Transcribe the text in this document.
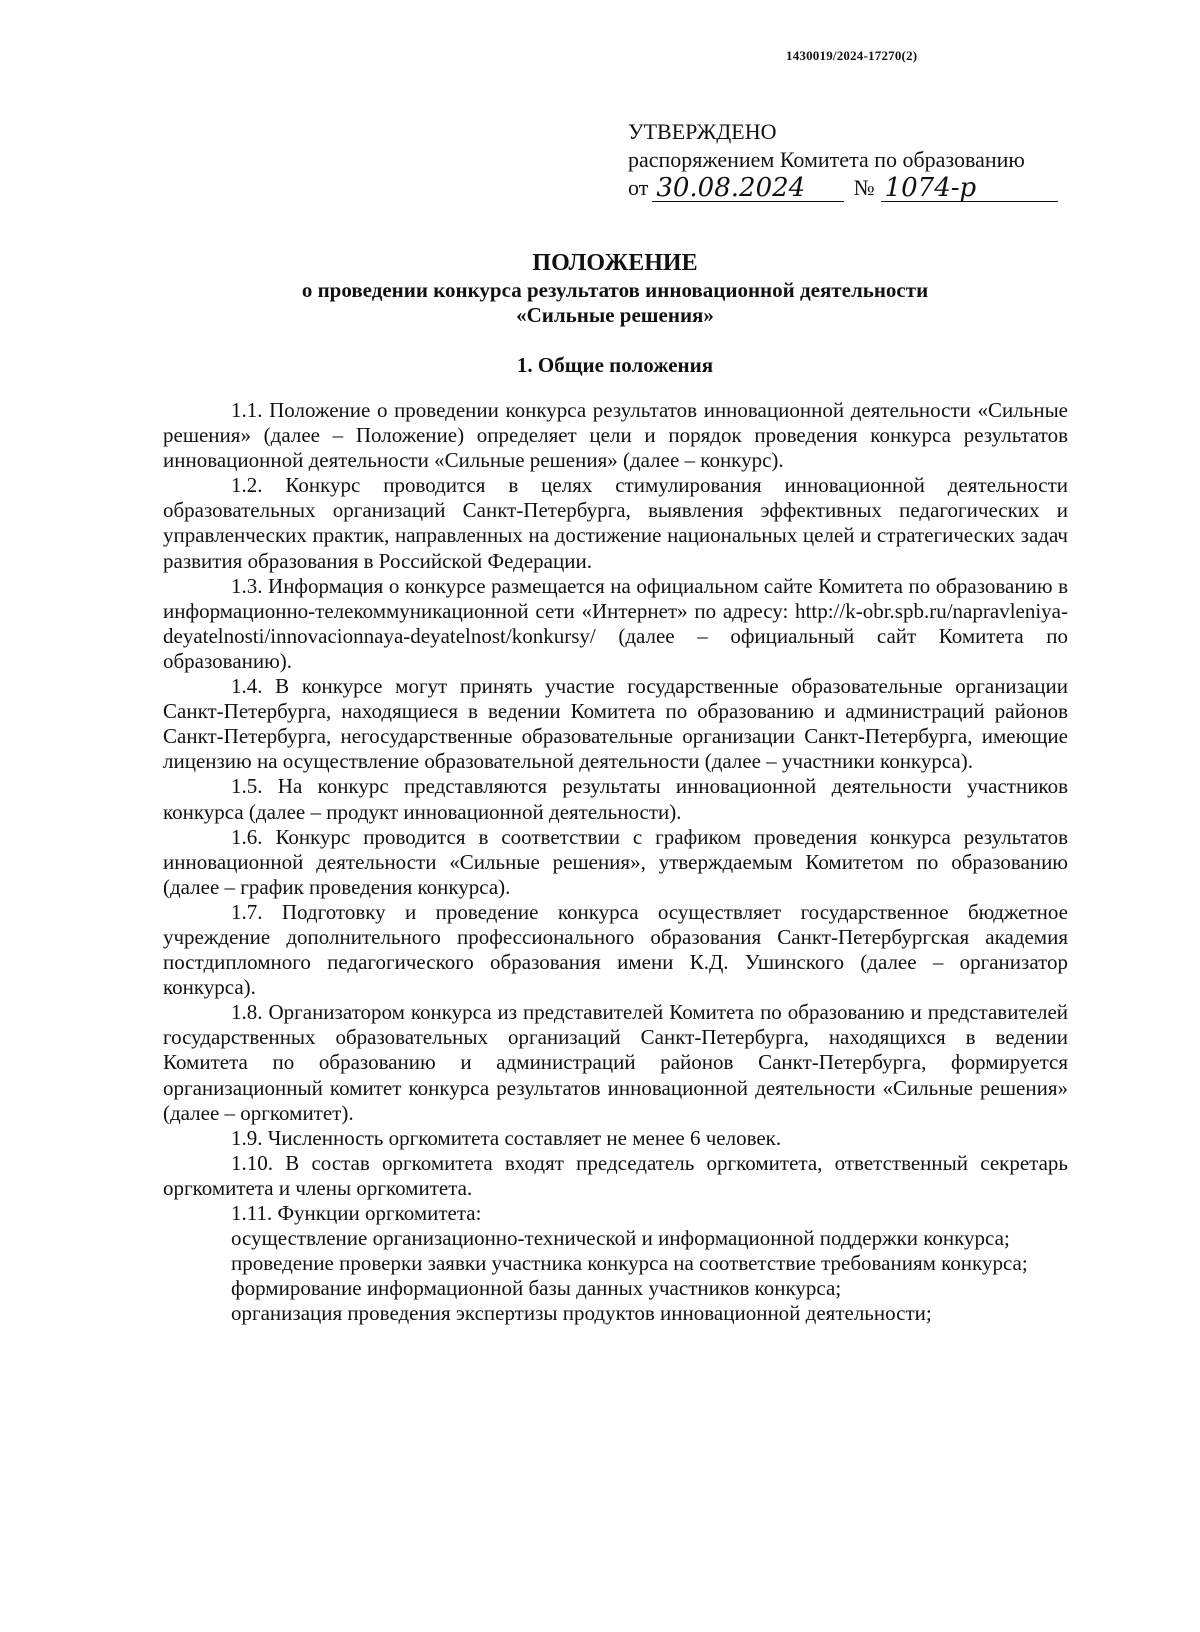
1430019/2024-17270(2)
УТВЕРЖДЕНО
распоряжением Комитета по образованию
от 30.08.2024	№ 1074-р
ПОЛОЖЕНИЕ
о проведении конкурса результатов инновационной деятельности
«Сильные решения»
1. Общие положения

1.1. Положение о проведении конкурса результатов инновационной деятельности «Сильные решения» (далее – Положение) определяет цели и порядок проведения конкурса результатов инновационной деятельности «Сильные решения» (далее – конкурс).

1.2. Конкурс проводится в целях стимулирования инновационной деятельности образовательных организаций Санкт-Петербурга, выявления эффективных педагогических и управленческих практик, направленных на достижение национальных целей и стратегических задач развития образования в Российской Федерации.

1.3. Информация о конкурсе размещается на официальном сайте Комитета по образованию в информационно-телекоммуникационной сети «Интернет» по адресу: http://k-obr.spb.ru/napravleniya-deyatelnosti/innovacionnaya-deyatelnost/konkursy/ (далее – официальный сайт Комитета по образованию).

1.4. В конкурсе могут принять участие государственные образовательные организации Санкт-Петербурга, находящиеся в ведении Комитета по образованию и администраций районов Санкт-Петербурга, негосударственные образовательные организации Санкт-Петербурга, имеющие лицензию на осуществление образовательной деятельности (далее – участники конкурса).

1.5. На конкурс представляются результаты инновационной деятельности участников конкурса (далее – продукт инновационной деятельности).

1.6. Конкурс проводится в соответствии с графиком проведения конкурса результатов инновационной деятельности «Сильные решения», утверждаемым Комитетом по образованию (далее – график проведения конкурса).

1.7. Подготовку и проведение конкурса осуществляет государственное бюджетное учреждение дополнительного профессионального образования Санкт-Петербургская академия постдипломного педагогического образования имени К.Д. Ушинского (далее – организатор конкурса).

1.8. Организатором конкурса из представителей Комитета по образованию и представителей государственных образовательных организаций Санкт-Петербурга, находящихся в ведении Комитета по образованию и администраций районов Санкт-Петербурга, формируется организационный комитет конкурса результатов инновационной деятельности «Сильные решения» (далее – оргкомитет).

1.9. Численность оргкомитета составляет не менее 6 человек.

1.10. В состав оргкомитета входят председатель оргкомитета, ответственный секретарь оргкомитета и члены оргкомитета.

1.11. Функции оргкомитета:

осуществление организационно-технической и информационной поддержки конкурса;

проведение проверки заявки участника конкурса на соответствие требованиям конкурса;

формирование информационной базы данных участников конкурса;

организация проведения экспертизы продуктов инновационной деятельности;
